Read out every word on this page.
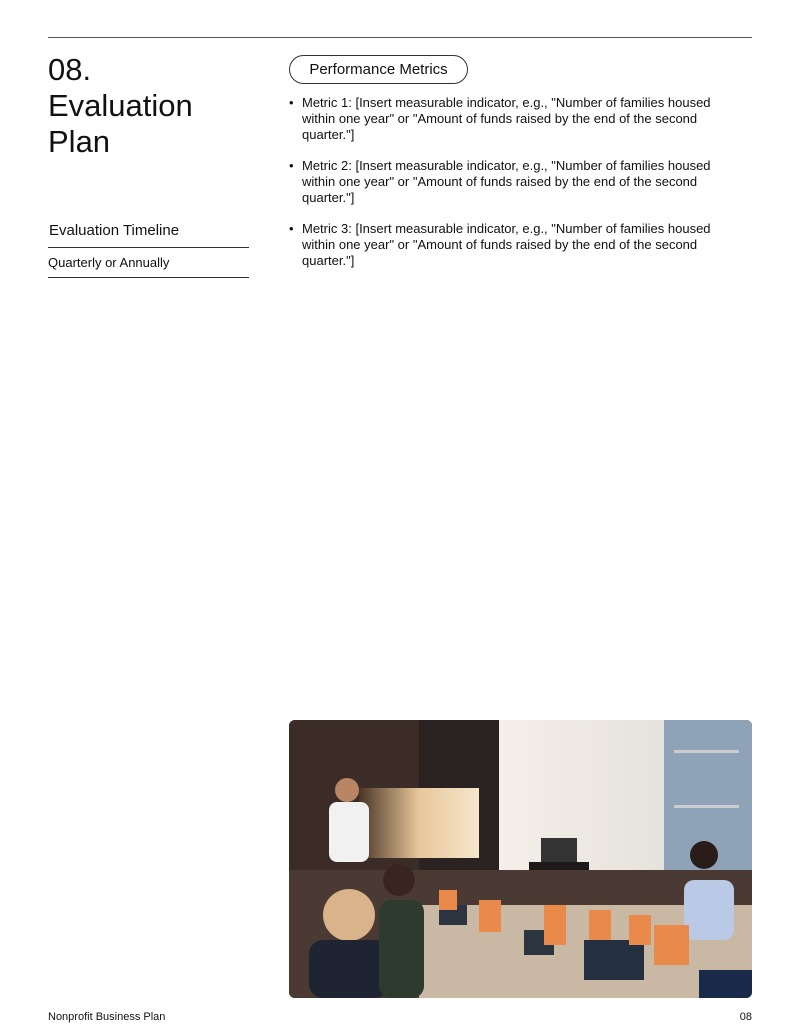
08.
Evaluation
Plan
Evaluation Timeline
Quarterly or Annually
Performance Metrics
• Metric 1: [Insert measurable indicator, e.g., "Number of families housed within one year" or "Amount of funds raised by the end of the second quarter."]
• Metric 2: [Insert measurable indicator, e.g., "Number of families housed within one year" or "Amount of funds raised by the end of the second quarter."]
• Metric 3: [Insert measurable indicator, e.g., "Number of families housed within one year" or "Amount of funds raised by the end of the second quarter."]
Nonprofit Business Plan	08
